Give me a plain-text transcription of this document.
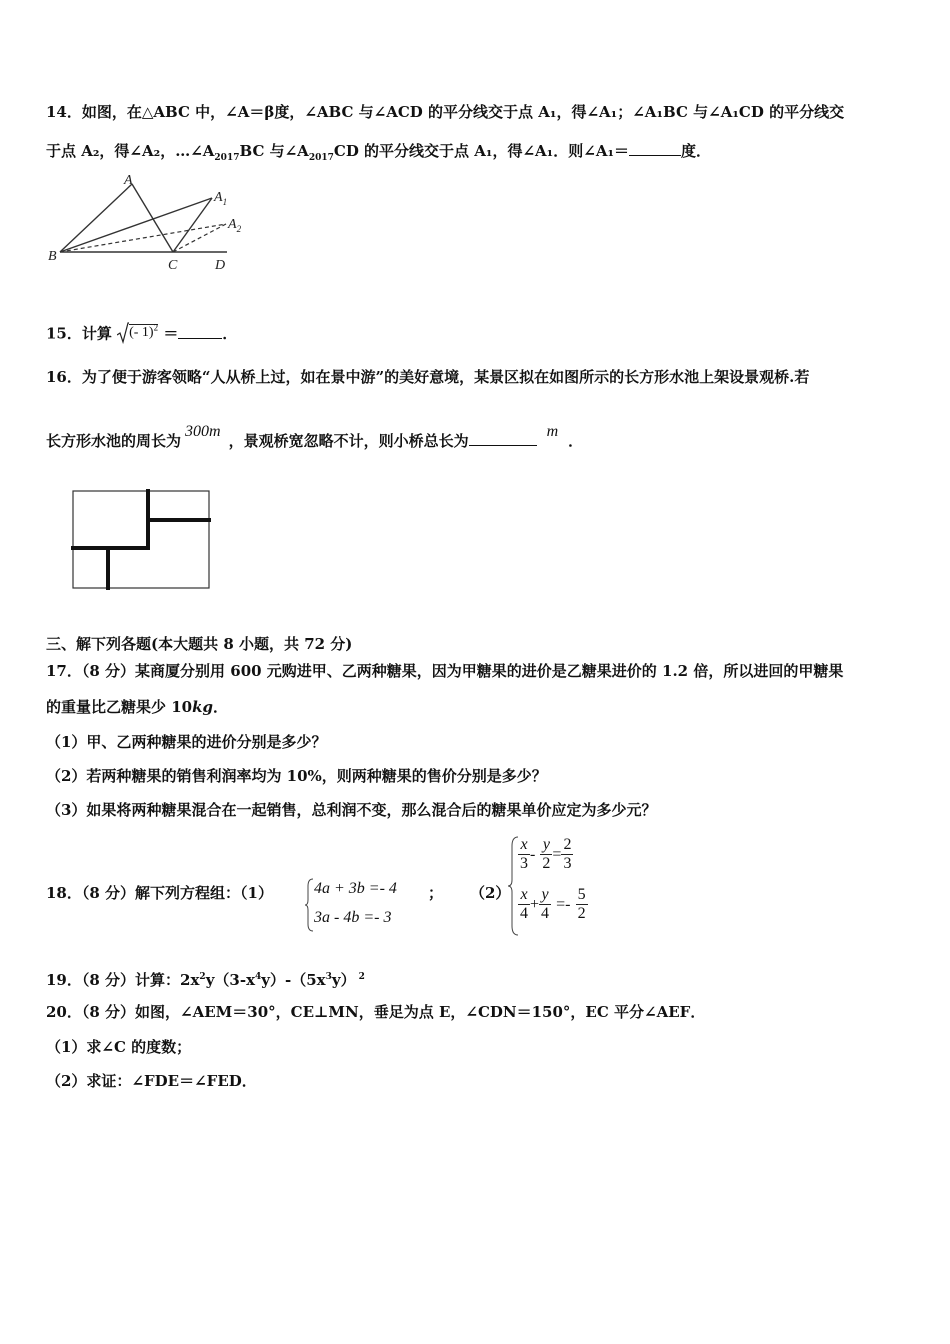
14．如图，在△ABC 中，∠A＝β度，∠ABC 与∠ACD 的平分线交于点 A₁，得∠A₁；∠A₁BC 与∠A₁CD 的平分线交
于点 A₂，得∠A₂，$\dots\angle A_{2017}BC$ 与$\angle A_{2017}CD$ 的平分线交于点 A₁，得∠A₁．则∠A₁＝	度．
A
$A_1$
$A_2$
B
C	D
15．计算 (- 1)$^2$ ＝	．
16．为了便于游客领略“人从桥上过，如在景中游”的美好意境，某景区拟在如图所示的长方形水池上架设景观桥.若
长方形水池的周长为300m，景观桥宽忽略不计，则小桥总长为m．
三、解下列各题(本大题共 8 小题，共 72 分)
17．（8 分）某商厦分别用 600 元购进甲、乙两种糖果，因为甲糖果的进价是乙糖果进价的 1.2 倍，所以进回的甲糖果
的重量比乙糖果少 10kg．
（1）甲、乙两种糖果的进价分别是多少？
（2）若两种糖果的销售利润率均为 10%，则两种糖果的售价分别是多少？
（3）如果将两种糖果混合在一起销售，总利润不变，那么混合后的糖果单价应定为多少元？
18．（8 分）解下列方程组：（1）	4a + 3b =- 4
3a - 4b =- 3
； （2）
$\frac{x}{3} - \frac{y}{2} = \frac{2}{3}$
$\frac{x}{4} + \frac{y}{4} =- \frac{5}{2}$
19．（8 分）计算：$2x^2y(3-x^4y)-(5x^3y)$ $^2$
20．（8 分）如图，∠AEM＝30°，CE⊥MN，垂足为点 E，∠CDN＝150°，EC 平分∠AEF．
（1）求∠C 的度数；
（2）求证：∠FDE＝∠FED．
